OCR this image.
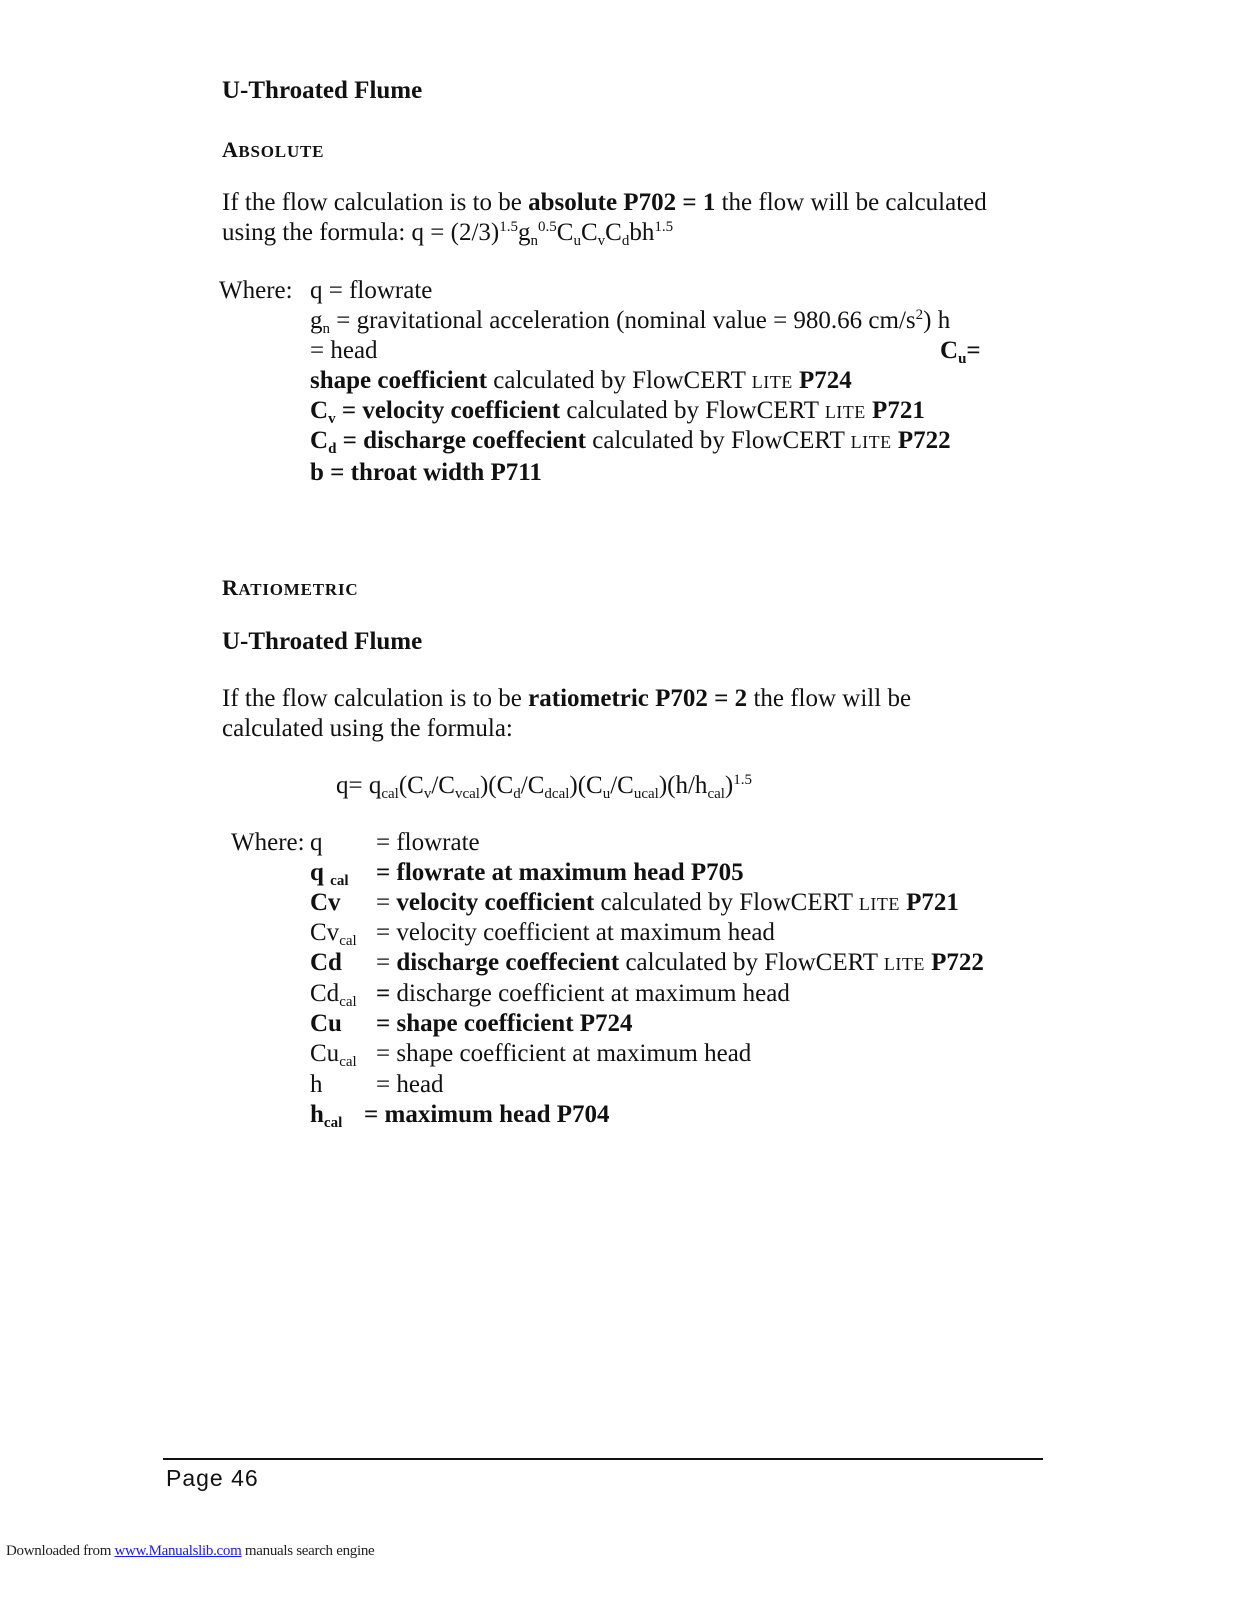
U-Throated Flume
ABSOLUTE
If the flow calculation is to be absolute P702 = 1 the flow will be calculated
using the formula: $q = (2/3)^{1.5}g_n^{0.5}C_uC_vC_dbh^{1.5}$
Where: q = flowrate
$g_n$ = gravitational acceleration (nominal value = 980.66 $cm/s^2$) h
= head	$C_u=$
shape coefficient calculated by FlowCERT LITE P724
$C_v$ = velocity coefficient calculated by FlowCERT LITE P721
$C_d$ = discharge coeffecient calculated by FlowCERT LITE P722
b = throat width P711
RATIOMETRIC
U-Throated Flume
If the flow calculation is to be ratiometric P702 = 2 the flow will be
calculated using the formula:
$q= q_{cal}(C_v/C_{vcal})(C_d/C_{dcal})(C_u/C_{ucal})(h/h_{cal})^{1.5}$
Where: q = flowrate
q $_{cal}$ = flowrate at maximum head P705
Cv = velocity coefficient calculated by FlowCERT LITE P721
$Cv_{cal}$ = velocity coefficient at maximum head
Cd = discharge coeffecient calculated by FlowCERT LITE P722
$Cd_{cal}$ = discharge coefficient at maximum head
Cu = shape coefficient P724
$Cu_{cal}$ = shape coefficient at maximum head
h = head
$h_{cal}$ = maximum head P704
Page 46
Downloaded from www.Manualslib.com manuals search engine
